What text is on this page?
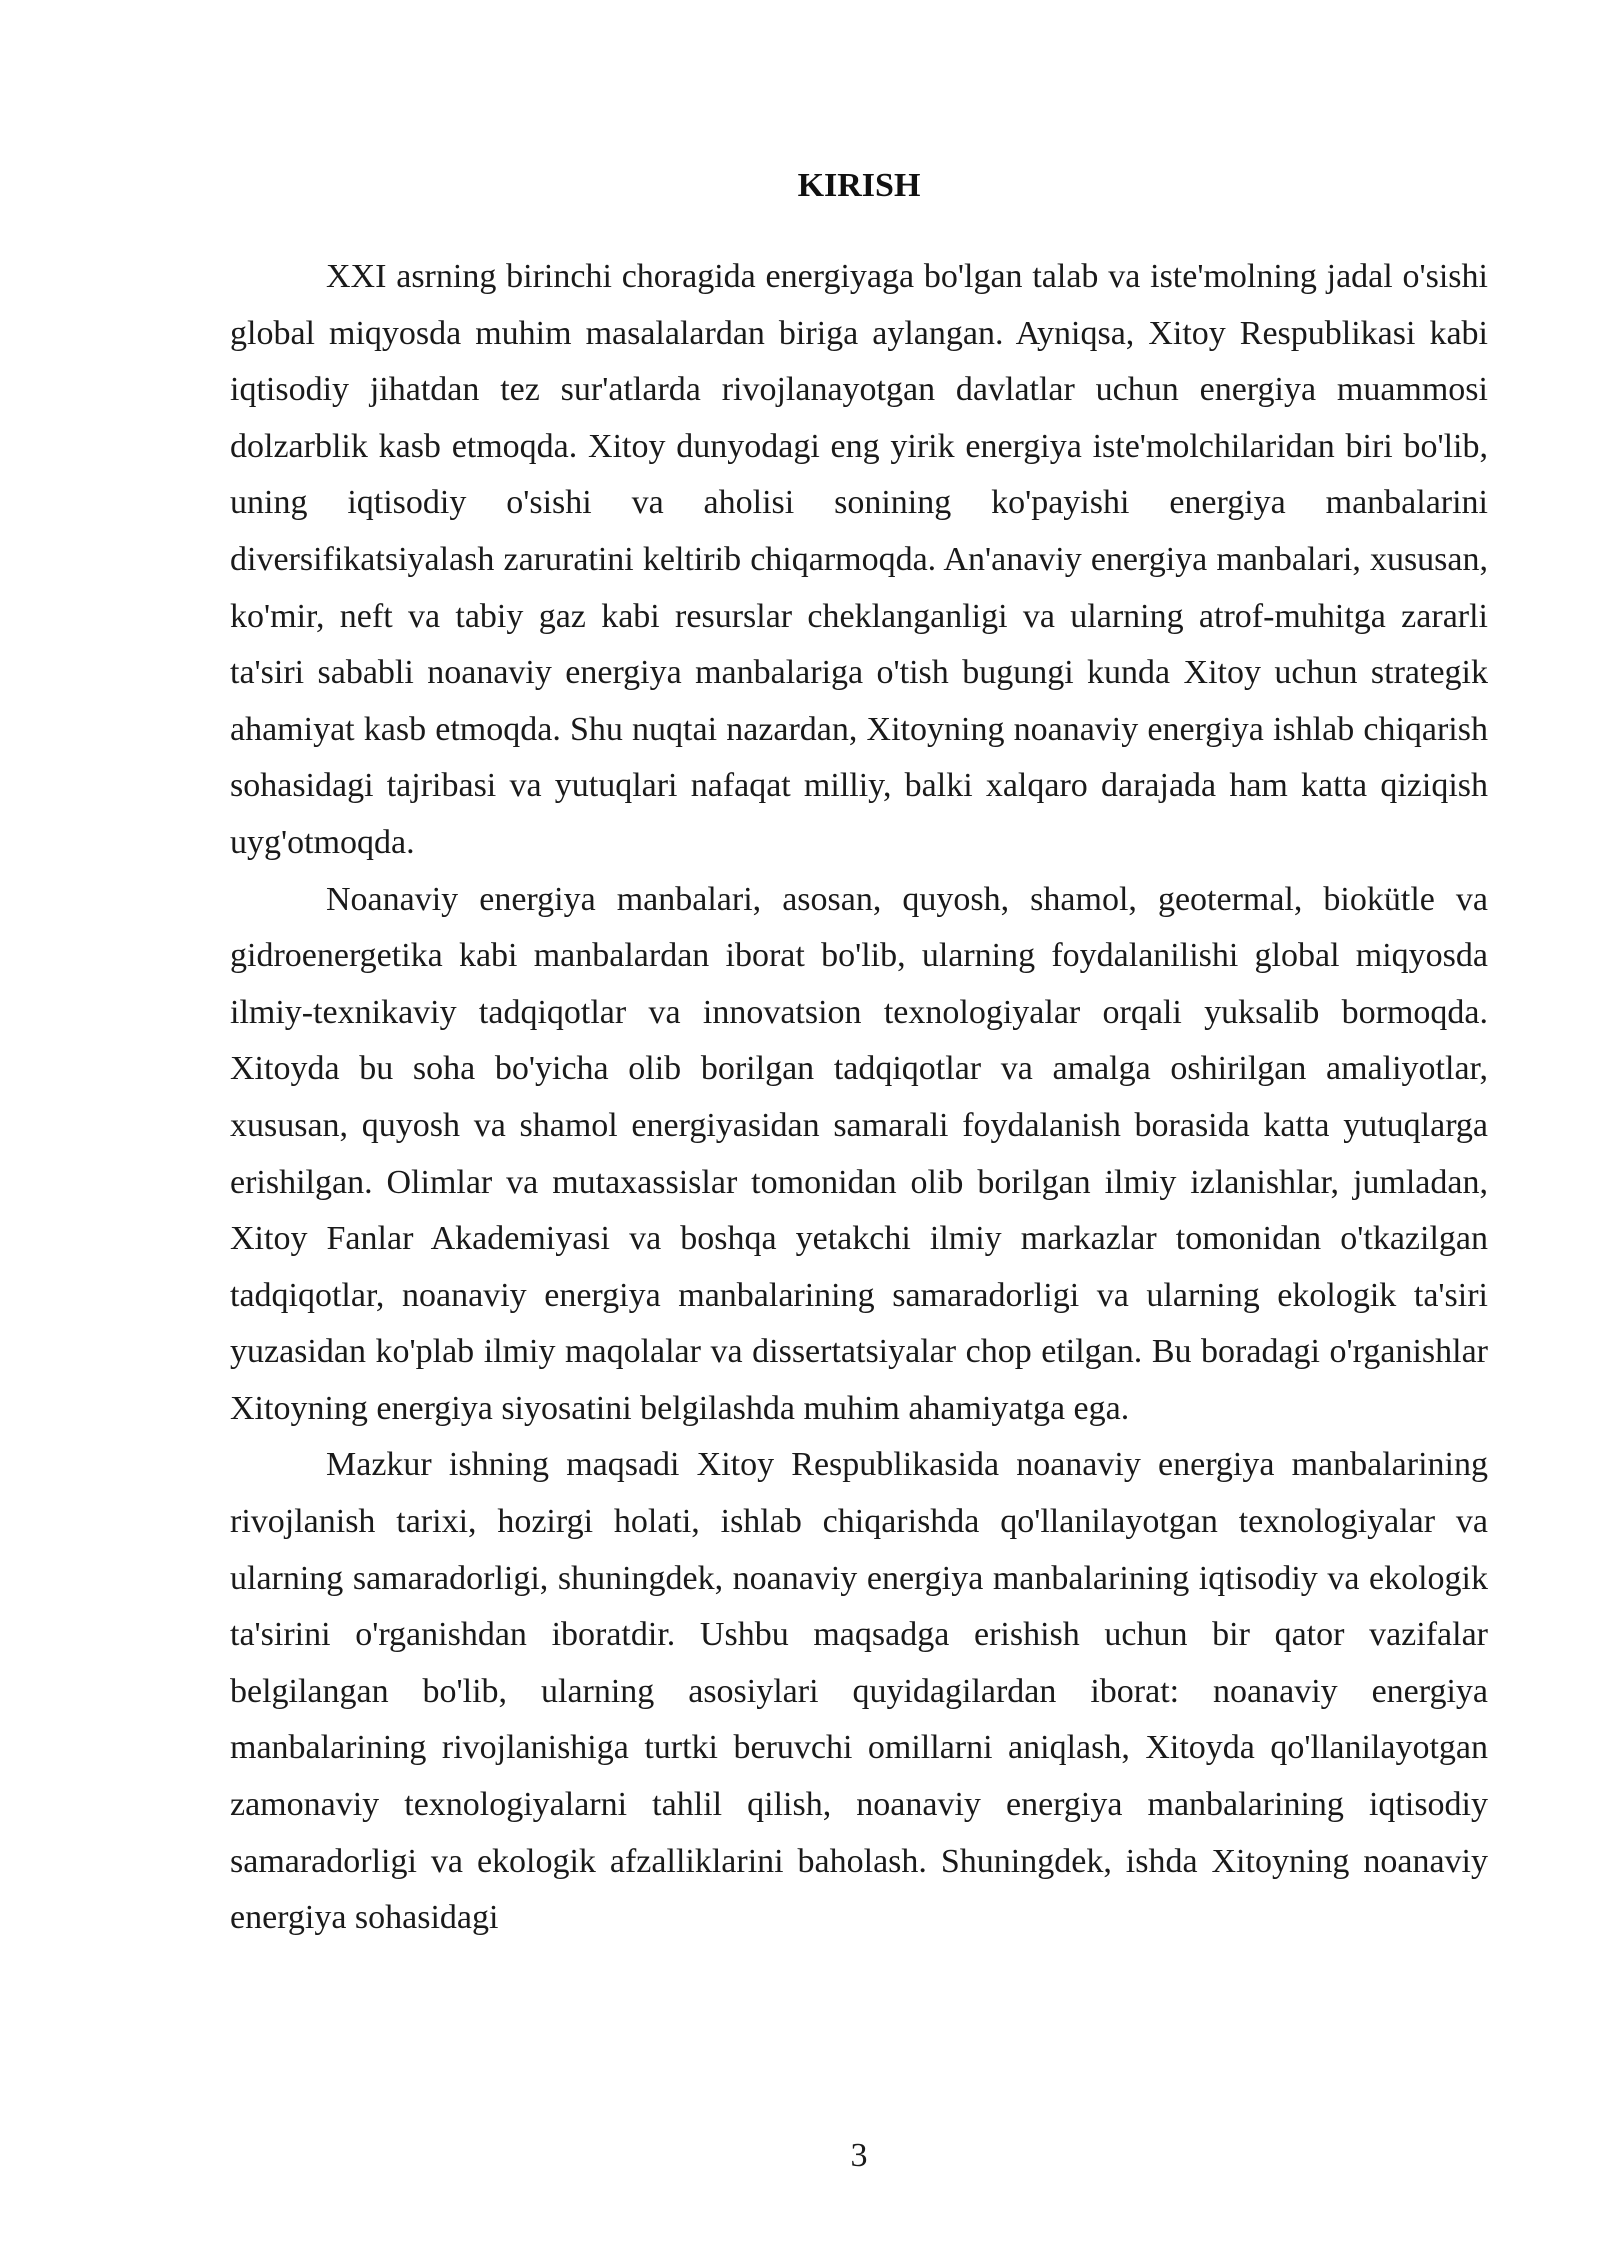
KIRISH

XXI asrning birinchi choragida energiyaga bo'lgan talab va iste'molning jadal o'sishi global miqyosda muhim masalalardan biriga aylangan. Ayniqsa, Xitoy Respublikasi kabi iqtisodiy jihatdan tez sur'atlarda rivojlanayotgan davlatlar uchun energiya muammosi dolzarblik kasb etmoqda. Xitoy dunyodagi eng yirik energiya iste'molchilaridan biri bo'lib, uning iqtisodiy o'sishi va aholisi sonining ko'payishi energiya manbalarini diversifikatsiyalash zaruratini keltirib chiqarmoqda. An'anaviy energiya manbalari, xususan, ko'mir, neft va tabiy gaz kabi resurslar cheklanganligi va ularning atrof-muhitga zararli ta'siri sababli noanaviy energiya manbalariga o'tish bugungi kunda Xitoy uchun strategik ahamiyat kasb etmoqda. Shu nuqtai nazardan, Xitoyning noanaviy energiya ishlab chiqarish sohasidagi tajribasi va yutuqlari nafaqat milliy, balki xalqaro darajada ham katta qiziqish uyg'otmoqda.

Noanaviy energiya manbalari, asosan, quyosh, shamol, geotermal, biokütle va gidroenergetika kabi manbalardan iborat bo'lib, ularning foydalanilishi global miqyosda ilmiy-texnikaviy tadqiqotlar va innovatsion texnologiyalar orqali yuksalib bormoqda. Xitoyda bu soha bo'yicha olib borilgan tadqiqotlar va amalga oshirilgan amaliyotlar, xususan, quyosh va shamol energiyasidan samarali foydalanish borasida katta yutuqlarga erishilgan. Olimlar va mutaxassislar tomonidan olib borilgan ilmiy izlanishlar, jumladan, Xitoy Fanlar Akademiyasi va boshqa yetakchi ilmiy markazlar tomonidan o'tkazilgan tadqiqotlar, noanaviy energiya manbalarining samaradorligi va ularning ekologik ta'siri yuzasidan ko'plab ilmiy maqolalar va dissertatsiyalar chop etilgan. Bu boradagi o'rganishlar Xitoyning energiya siyosatini belgilashda muhim ahamiyatga ega.

Mazkur ishning maqsadi Xitoy Respublikasida noanaviy energiya manbalarining rivojlanish tarixi, hozirgi holati, ishlab chiqarishda qo'llanilayotgan texnologiyalar va ularning samaradorligi, shuningdek, noanaviy energiya manbalarining iqtisodiy va ekologik ta'sirini o'rganishdan iboratdir. Ushbu maqsadga erishish uchun bir qator vazifalar belgilangan bo'lib, ularning asosiylari quyidagilardan iborat: noanaviy energiya manbalarining rivojlanishiga turtki beruvchi omillarni aniqlash, Xitoyda qo'llanilayotgan zamonaviy texnologiyalarni tahlil qilish, noanaviy energiya manbalarining iqtisodiy samaradorligi va ekologik afzalliklarini baholash. Shuningdek, ishda Xitoyning noanaviy energiya sohasidagi

3
